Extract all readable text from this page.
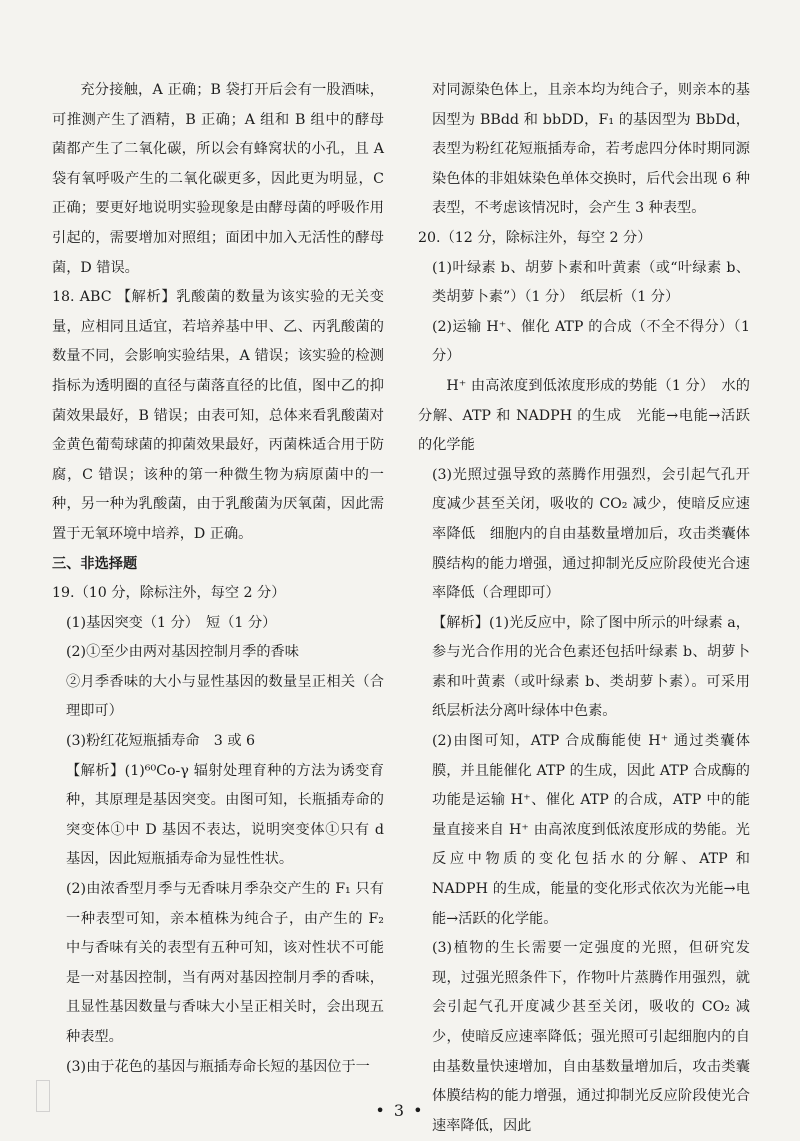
充分接触，A 正确；B 袋打开后会有一股酒味，可推测产生了酒精，B 正确；A 组和 B 组中的酵母菌都产生了二氧化碳，所以会有蜂窝状的小孔，且 A 袋有氧呼吸产生的二氧化碳更多，因此更为明显，C 正确；要更好地说明实验现象是由酵母菌的呼吸作用引起的，需要增加对照组；面团中加入无活性的酵母菌，D 错误。

18. ABC 【解析】乳酸菌的数量为该实验的无关变量，应相同且适宜，若培养基中甲、乙、丙乳酸菌的数量不同，会影响实验结果，A 错误；该实验的检测指标为透明圈的直径与菌落直径的比值，图中乙的抑菌效果最好，B 错误；由表可知，总体来看乳酸菌对金黄色葡萄球菌的抑菌效果最好，丙菌株适合用于防腐，C 错误；该种的第一种微生物为病原菌中的一种，另一种为乳酸菌，由于乳酸菌为厌氧菌，因此需置于无氧环境中培养，D 正确。

三、非选择题

19.（10 分，除标注外，每空 2 分）

(1)基因突变（1 分）　短（1 分）

(2)①至少由两对基因控制月季的香味

②月季香味的大小与显性基因的数量呈正相关（合理即可）

(3)粉红花短瓶插寿命　3 或 6

【解析】(1)⁶⁰Co-γ 辐射处理育种的方法为诱变育种，其原理是基因突变。由图可知，长瓶插寿命的突变体①中 D 基因不表达，说明突变体①只有 d 基因，因此短瓶插寿命为显性性状。

(2)由浓香型月季与无香味月季杂交产生的 F₁ 只有一种表型可知，亲本植株为纯合子，由产生的 F₂ 中与香味有关的表型有五种可知，该对性状不可能是一对基因控制，当有两对基因控制月季的香味，且显性基因数量与香味大小呈正相关时，会出现五种表型。

(3)由于花色的基因与瓶插寿命长短的基因位于一

对同源染色体上，且亲本均为纯合子，则亲本的基因型为 BBdd 和 bbDD，F₁ 的基因型为 BbDd，表型为粉红花短瓶插寿命，若考虑四分体时期同源染色体的非姐妹染色单体交换时，后代会出现 6 种表型，不考虑该情况时，会产生 3 种表型。

20.（12 分，除标注外，每空 2 分）

(1)叶绿素 b、胡萝卜素和叶黄素（或“叶绿素 b、类胡萝卜素”）（1 分）　纸层析（1 分）

(2)运输 H⁺、催化 ATP 的合成（不全不得分）（1 分）

H⁺ 由高浓度到低浓度形成的势能（1 分）　水的分解、ATP 和 NADPH 的生成　光能→电能→活跃的化学能

(3)光照过强导致的蒸腾作用强烈，会引起气孔开度减少甚至关闭，吸收的 CO₂ 减少，使暗反应速率降低　细胞内的自由基数量增加后，攻击类囊体膜结构的能力增强，通过抑制光反应阶段使光合速率降低（合理即可）

【解析】(1)光反应中，除了图中所示的叶绿素 a，参与光合作用的光合色素还包括叶绿素 b、胡萝卜素和叶黄素（或叶绿素 b、类胡萝卜素）。可采用纸层析法分离叶绿体中色素。

(2)由图可知，ATP 合成酶能使 H⁺ 通过类囊体膜，并且能催化 ATP 的生成，因此 ATP 合成酶的功能是运输 H⁺、催化 ATP 的合成，ATP 中的能量直接来自 H⁺ 由高浓度到低浓度形成的势能。光反应中物质的变化包括水的分解、ATP 和 NADPH 的生成，能量的变化形式依次为光能→电能→活跃的化学能。

(3)植物的生长需要一定强度的光照，但研究发现，过强光照条件下，作物叶片蒸腾作用强烈，就会引起气孔开度减少甚至关闭，吸收的 CO₂ 减少，使暗反应速率降低；强光照可引起细胞内的自由基数量快速增加，自由基数量增加后，攻击类囊体膜结构的能力增强，通过抑制光反应阶段使光合速率降低，因此

• 3 •
